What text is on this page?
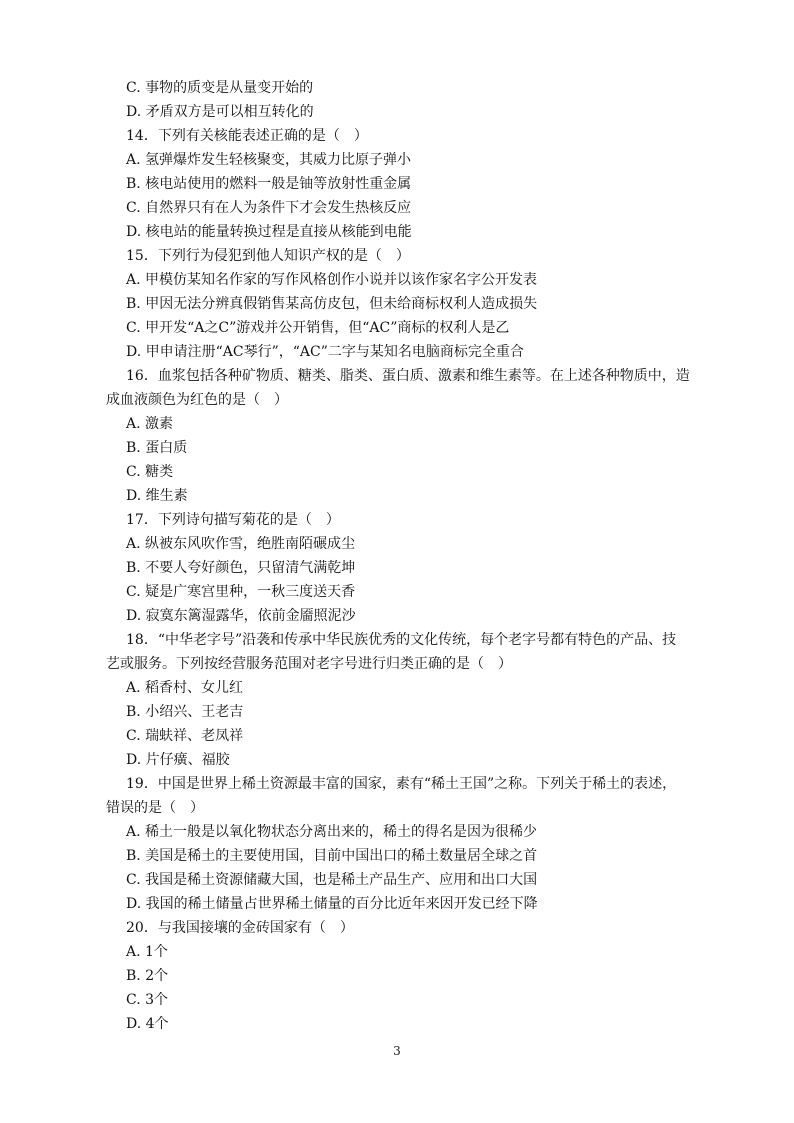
C. 事物的质变是从量变开始的
D. 矛盾双方是可以相互转化的
14．下列有关核能表述正确的是（　）
A. 氢弹爆炸发生轻核聚变，其威力比原子弹小
B. 核电站使用的燃料一般是铀等放射性重金属
C. 自然界只有在人为条件下才会发生热核反应
D. 核电站的能量转换过程是直接从核能到电能
15．下列行为侵犯到他人知识产权的是（　）
A. 甲模仿某知名作家的写作风格创作小说并以该作家名字公开发表
B. 甲因无法分辨真假销售某高仿皮包，但未给商标权利人造成损失
C. 甲开发“A之C”游戏并公开销售，但“AC”商标的权利人是乙
D. 甲申请注册“AC琴行”，“AC”二字与某知名电脑商标完全重合
16．血浆包括各种矿物质、糖类、脂类、蛋白质、激素和维生素等。在上述各种物质中，造
成血液颜色为红色的是（　）
A. 激素
B. 蛋白质
C. 糖类
D. 维生素
17．下列诗句描写菊花的是（　）
A. 纵被东风吹作雪，绝胜南陌碾成尘
B. 不要人夸好颜色，只留清气满乾坤
C. 疑是广寒宫里种，一秋三度送天香
D. 寂寞东篱湿露华，依前金靥照泥沙
18．“中华老字号”沿袭和传承中华民族优秀的文化传统，每个老字号都有特色的产品、技
艺或服务。下列按经营服务范围对老字号进行归类正确的是（　）
A. 稻香村、女儿红
B. 小绍兴、王老吉
C. 瑞蚨祥、老凤祥
D. 片仔癀、福胶
19．中国是世界上稀土资源最丰富的国家，素有“稀土王国”之称。下列关于稀土的表述，
错误的是（　）
A. 稀土一般是以氧化物状态分离出来的，稀土的得名是因为很稀少
B. 美国是稀土的主要使用国，目前中国出口的稀土数量居全球之首
C. 我国是稀土资源储藏大国，也是稀土产品生产、应用和出口大国
D. 我国的稀土储量占世界稀土储量的百分比近年来因开发已经下降
20．与我国接壤的金砖国家有（　）
A. 1个
B. 2个
C. 3个
D. 4个
3
